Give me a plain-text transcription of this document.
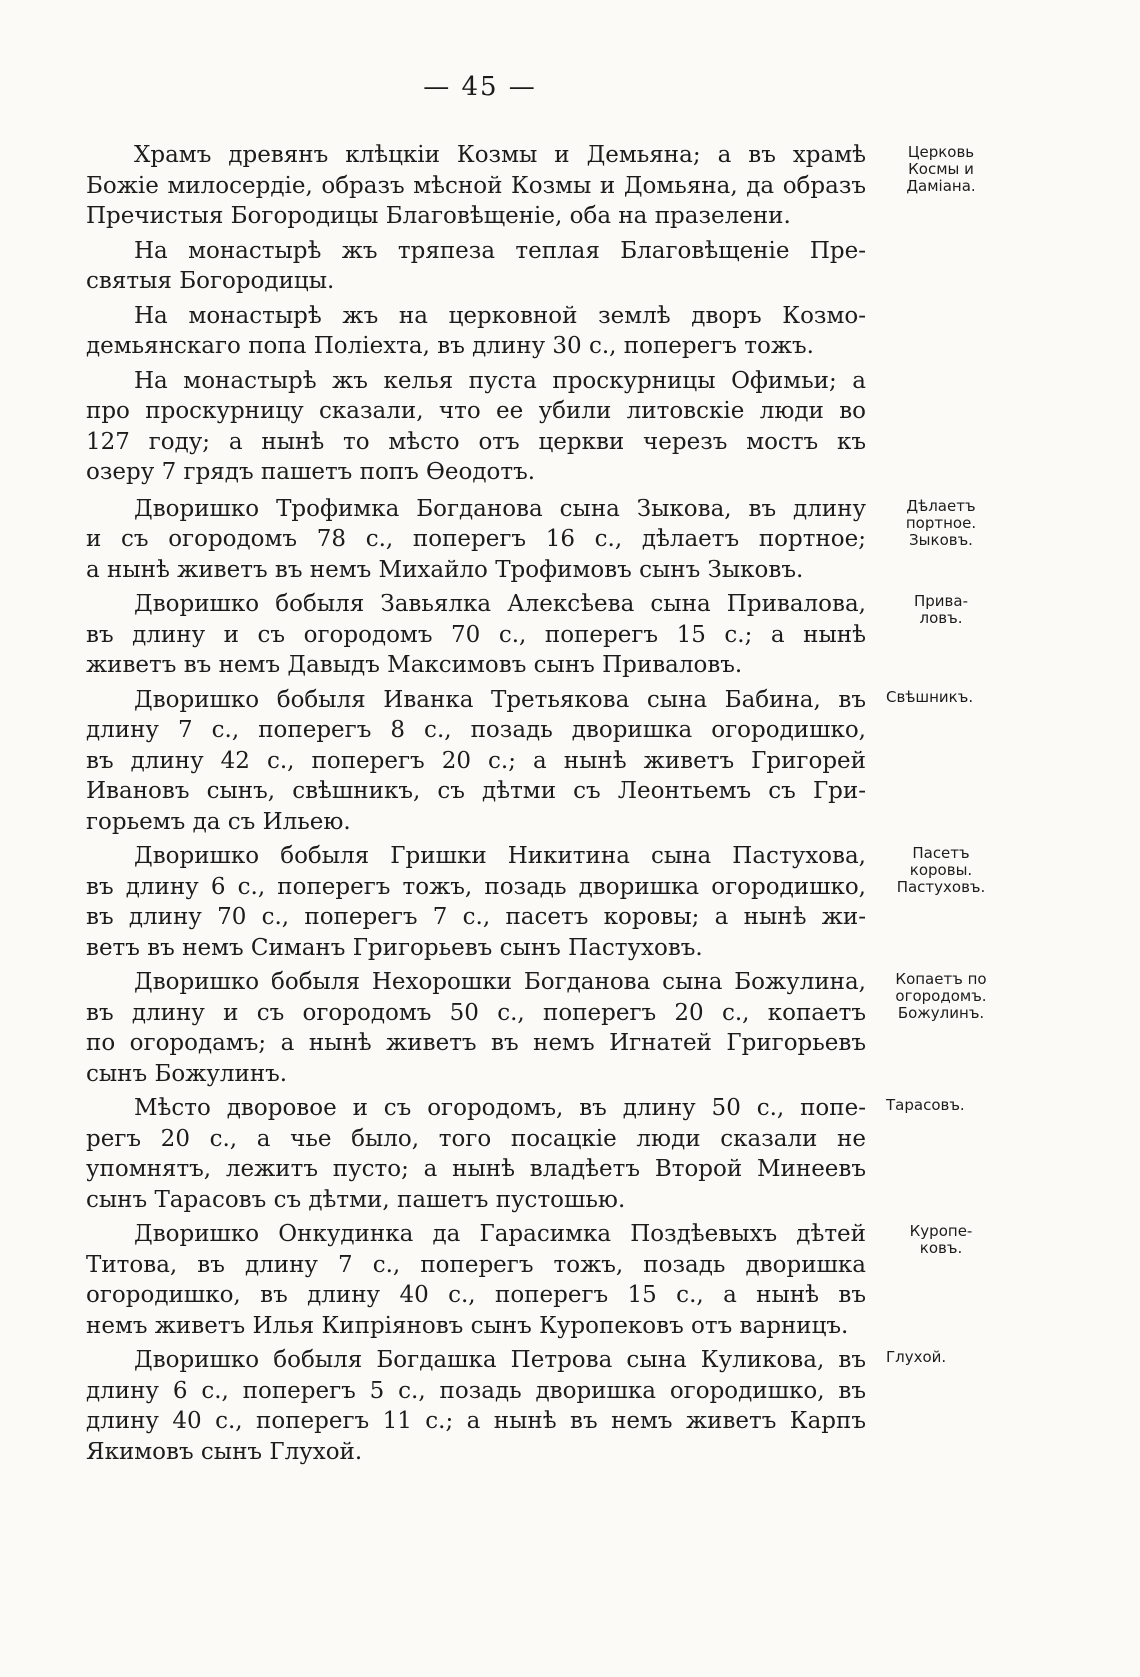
— 45 —
Храмъ древянъ клѣцкіи Козмы и Демьяна; а въ храмѣ
Божіе милосердіе, образъ мѣсной Козмы и Домьяна, да образъ
Пречистыя Богородицы Благовѣщеніе, оба на празелени.
Церковь
Космы и
Даміана.
На монастырѣ жъ тряпеза теплая Благовѣщеніе Пре-
святыя Богородицы.
На монастырѣ жъ на церковной землѣ дворъ Козмо-
демьянскаго попа Поліехта, въ длину 30 с., поперегъ тожъ.
На монастырѣ жъ келья пуста проскурницы Офимьи; а
про проскурницу сказали, что ее убили литовскіе люди во
127 году; а нынѣ то мѣсто отъ церкви черезъ мостъ къ
озеру 7 грядъ пашетъ попъ Ѳеодотъ.
Дворишко Трофимка Богданова сына Зыкова, въ длину
и съ огородомъ 78 с., поперегъ 16 с., дѣлаетъ портное;
а нынѣ живетъ въ немъ Михайло Трофимовъ сынъ Зыковъ.
Дѣлаетъ
портное.
Зыковъ.
Дворишко бобыля Завьялка Алексѣева сына Привалова,
въ длину и съ огородомъ 70 с., поперегъ 15 с.; а нынѣ
живетъ въ немъ Давыдъ Максимовъ сынъ Приваловъ.
Прива-
ловъ.
Дворишко бобыля Иванка Третьякова сына Бабина, въ
длину 7 с., поперегъ 8 с., позадь дворишка огородишко,
въ длину 42 с., поперегъ 20 с.; а нынѣ живетъ Григорей
Ивановъ сынъ, свѣшникъ, съ дѣтми съ Леонтьемъ съ Гри-
горьемъ да съ Ильею.
Свѣшникъ.
Дворишко бобыля Гришки Никитина сына Пастухова,
въ длину 6 с., поперегъ тожъ, позадь дворишка огородишко,
въ длину 70 с., поперегъ 7 с., пасетъ коровы; а нынѣ жи-
ветъ въ немъ Симанъ Григорьевъ сынъ Пастуховъ.
Пасетъ
коровы.
Пастуховъ.
Дворишко бобыля Нехорошки Богданова сына Божулина,
въ длину и съ огородомъ 50 с., поперегъ 20 с., копаетъ
по огородамъ; а нынѣ живетъ въ немъ Игнатей Григорьевъ
сынъ Божулинъ.
Копаетъ по
огородомъ.
Божулинъ.
Мѣсто дворовое и съ огородомъ, въ длину 50 с., попе-
регъ 20 с., а чье было, того посацкіе люди сказали не
упомнятъ, лежитъ пусто; а нынѣ владѣетъ Второй Минеевъ
сынъ Тарасовъ съ дѣтми, пашетъ пустошью.
Тарасовъ.
Дворишко Онкудинка да Гарасимка Поздѣевыхъ дѣтей
Титова, въ длину 7 с., поперегъ тожъ, позадь дворишка
огородишко, въ длину 40 с., поперегъ 15 с., а нынѣ въ
немъ живетъ Илья Кипріяновъ сынъ Куропековъ отъ варницъ.
Куропе-
ковъ.
Дворишко бобыля Богдашка Петрова сына Куликова, въ
длину 6 с., поперегъ 5 с., позадь дворишка огородишко, въ
длину 40 с., поперегъ 11 с.; а нынѣ въ немъ живетъ Карпъ
Якимовъ сынъ Глухой.
Глухой.
